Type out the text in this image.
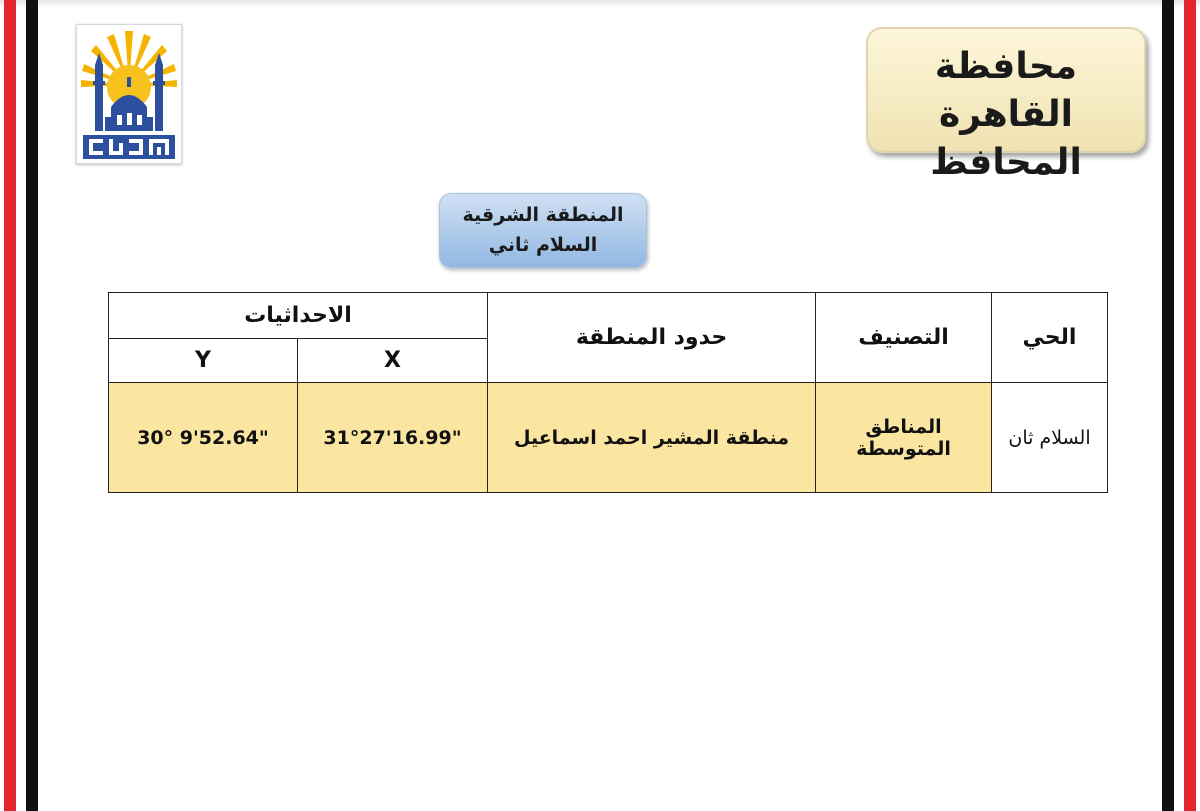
محافظة القاهرة
المحافظ
المنطقة الشرقية
السلام ثاني
الاحداثيات		حدود المنطقة	التصنيف	الحي
Y	X			
30° 9'52.64"	31°27'16.99"	منطقة المشير احمد اسماعيل	المناطق المتوسطة	السلام ثان
